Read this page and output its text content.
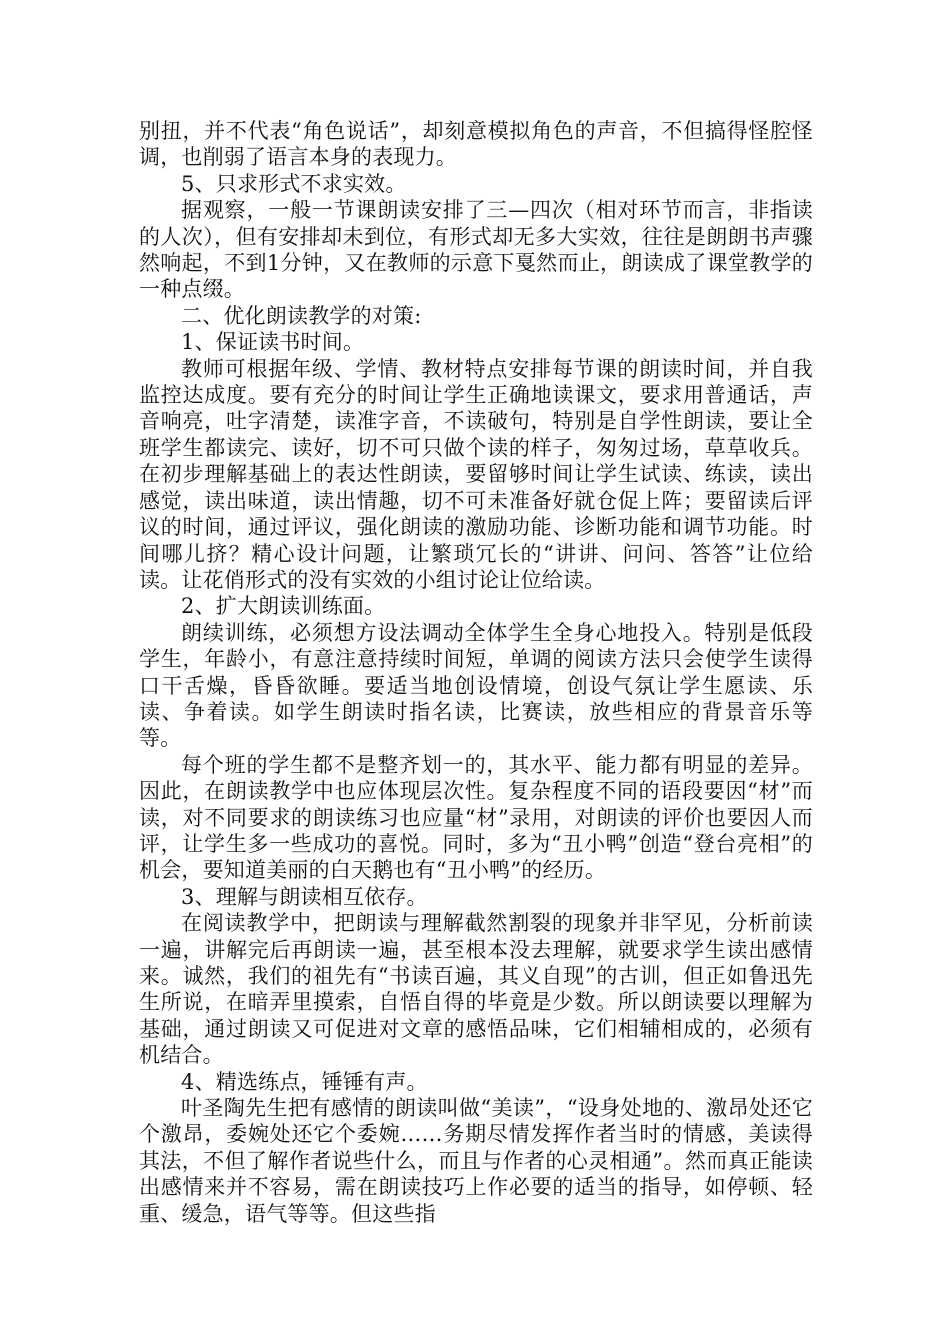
别扭，并不代表“角色说话”，却刻意模拟角色的声音，不但搞得怪腔怪调，也削弱了语言本身的表现力。

5、只求形式不求实效。

据观察，一般一节课朗读安排了三—四次（相对环节而言，非指读的人次），但有安排却未到位，有形式却无多大实效，往往是朗朗书声骤然响起，不到1分钟，又在教师的示意下戛然而止，朗读成了课堂教学的一种点缀。

二、优化朗读教学的对策:

1、保证读书时间。

教师可根据年级、学情、教材特点安排每节课的朗读时间，并自我监控达成度。要有充分的时间让学生正确地读课文，要求用普通话，声音响亮，吐字清楚，读准字音，不读破句，特别是自学性朗读，要让全班学生都读完、读好，切不可只做个读的样子，匆匆过场，草草收兵。在初步理解基础上的表达性朗读，要留够时间让学生试读、练读，读出感觉，读出味道，读出情趣，切不可未准备好就仓促上阵；要留读后评议的时间，通过评议，强化朗读的激励功能、诊断功能和调节功能。时间哪儿挤？精心设计问题，让繁琐冗长的“讲讲、问问、答答”让位给读。让花俏形式的没有实效的小组讨论让位给读。

2、扩大朗读训练面。

朗续训练，必须想方设法调动全体学生全身心地投入。特别是低段学生，年龄小，有意注意持续时间短，单调的阅读方法只会使学生读得口干舌燥，昏昏欲睡。要适当地创设情境，创设气氛让学生愿读、乐读、争着读。如学生朗读时指名读，比赛读，放些相应的背景音乐等等。

每个班的学生都不是整齐划一的，其水平、能力都有明显的差异。因此，在朗读教学中也应体现层次性。复杂程度不同的语段要因“材”而读，对不同要求的朗读练习也应量“材”录用，对朗读的评价也要因人而评，让学生多一些成功的喜悦。同时，多为“丑小鸭”创造“登台亮相”的机会，要知道美丽的白天鹅也有“丑小鸭”的经历。

3、理解与朗读相互依存。

在阅读教学中，把朗读与理解截然割裂的现象并非罕见，分析前读一遍，讲解完后再朗读一遍，甚至根本没去理解，就要求学生读出感情来。诚然，我们的祖先有“书读百遍，其义自现”的古训，但正如鲁迅先生所说，在暗弄里摸索，自悟自得的毕竟是少数。所以朗读要以理解为基础，通过朗读又可促进对文章的感悟品味，它们相辅相成的，必须有机结合。

4、精选练点，锤锤有声。

叶圣陶先生把有感情的朗读叫做“美读”，“设身处地的、激昂处还它个激昂，委婉处还它个委婉……务期尽情发挥作者当时的情感，美读得其法，不但了解作者说些什么，而且与作者的心灵相通”。然而真正能读出感情来并不容易，需在朗读技巧上作必要的适当的指导，如停顿、轻重、缓急，语气等等。但这些指
